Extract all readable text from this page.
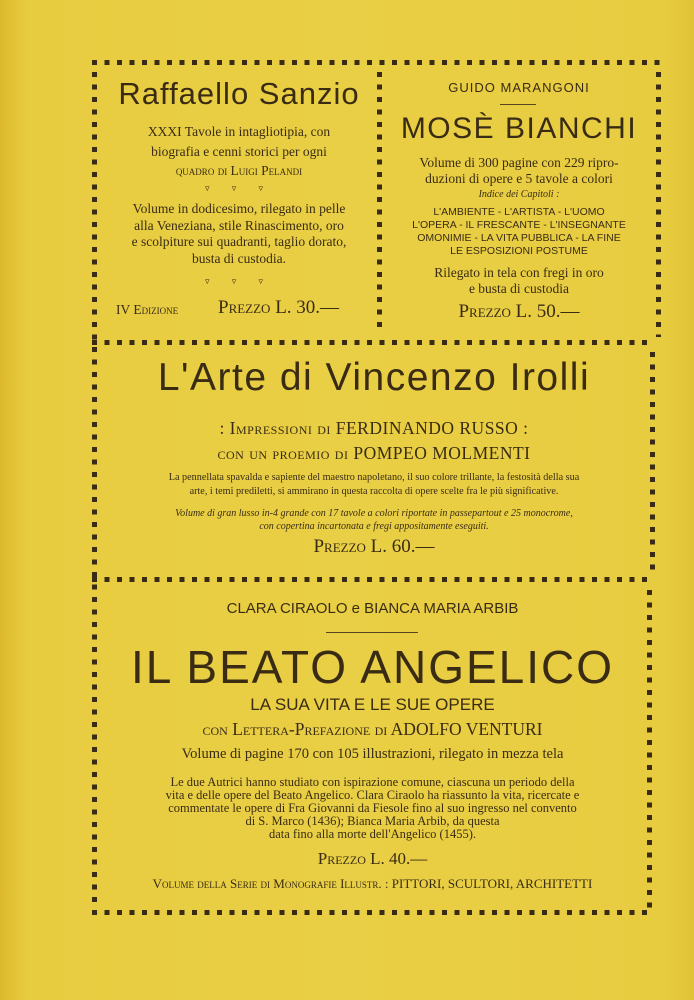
Raffaello Sanzio
XXXI Tavole in intagliotipia, con
biografia e cenni storici per ogni
quadro di Luigi Pelandi
▿ ▿ ▿
Volume in dodicesimo, rilegato in pelle
alla Veneziana, stile Rinascimento, oro
e scolpiture sui quadranti, taglio dorato,
busta di custodia.
▿ ▿ ▿
IV Edizione Prezzo L. 30.—
GUIDO MARANGONI
MOSÈ BIANCHI
Volume di 300 pagine con 229 ripro-
duzioni di opere e 5 tavole a colori
Indice dei Capitoli :
L'AMBIENTE - L'ARTISTA - L'UOMO
L'OPERA - IL FRESCANTE - L'INSEGNANTE
OMONIMIE - LA VITA PUBBLICA - LA FINE
LE ESPOSIZIONI POSTUME
Rilegato in tela con fregi in oro
e busta di custodia
Prezzo L. 50.—
L'Arte di Vincenzo Irolli
: Impressioni di FERDINANDO RUSSO :
con un proemio di POMPEO MOLMENTI
La pennellata spavalda e sapiente del maestro napoletano, il suo colore trillante, la festosità della sua
arte, i temi prediletti, si ammirano in questa raccolta di opere scelte fra le più significative.
Volume di gran lusso in-4 grande con 17 tavole a colori riportate in passepartout e 25 monocrome,
con copertina incartonata e fregi appositamente eseguiti.
Prezzo L. 60.—
CLARA CIRAOLO e BIANCA MARIA ARBIB
IL BEATO ANGELICO
LA SUA VITA E LE SUE OPERE
con Lettera-Prefazione di ADOLFO VENTURI
Volume di pagine 170 con 105 illustrazioni, rilegato in mezza tela
Le due Autrici hanno studiato con ispirazione comune, ciascuna un periodo della
vita e delle opere del Beato Angelico. Clara Ciraolo ha riassunto la vita, ricercate e
commentate le opere di Fra Giovanni da Fiesole fino al suo ingresso nel convento
di S. Marco (1436); Bianca Maria Arbib, da questa
data fino alla morte dell'Angelico (1455).
Prezzo L. 40.—
Volume della Serie di Monografie Illustr. : PITTORI, SCULTORI, ARCHITETTI
